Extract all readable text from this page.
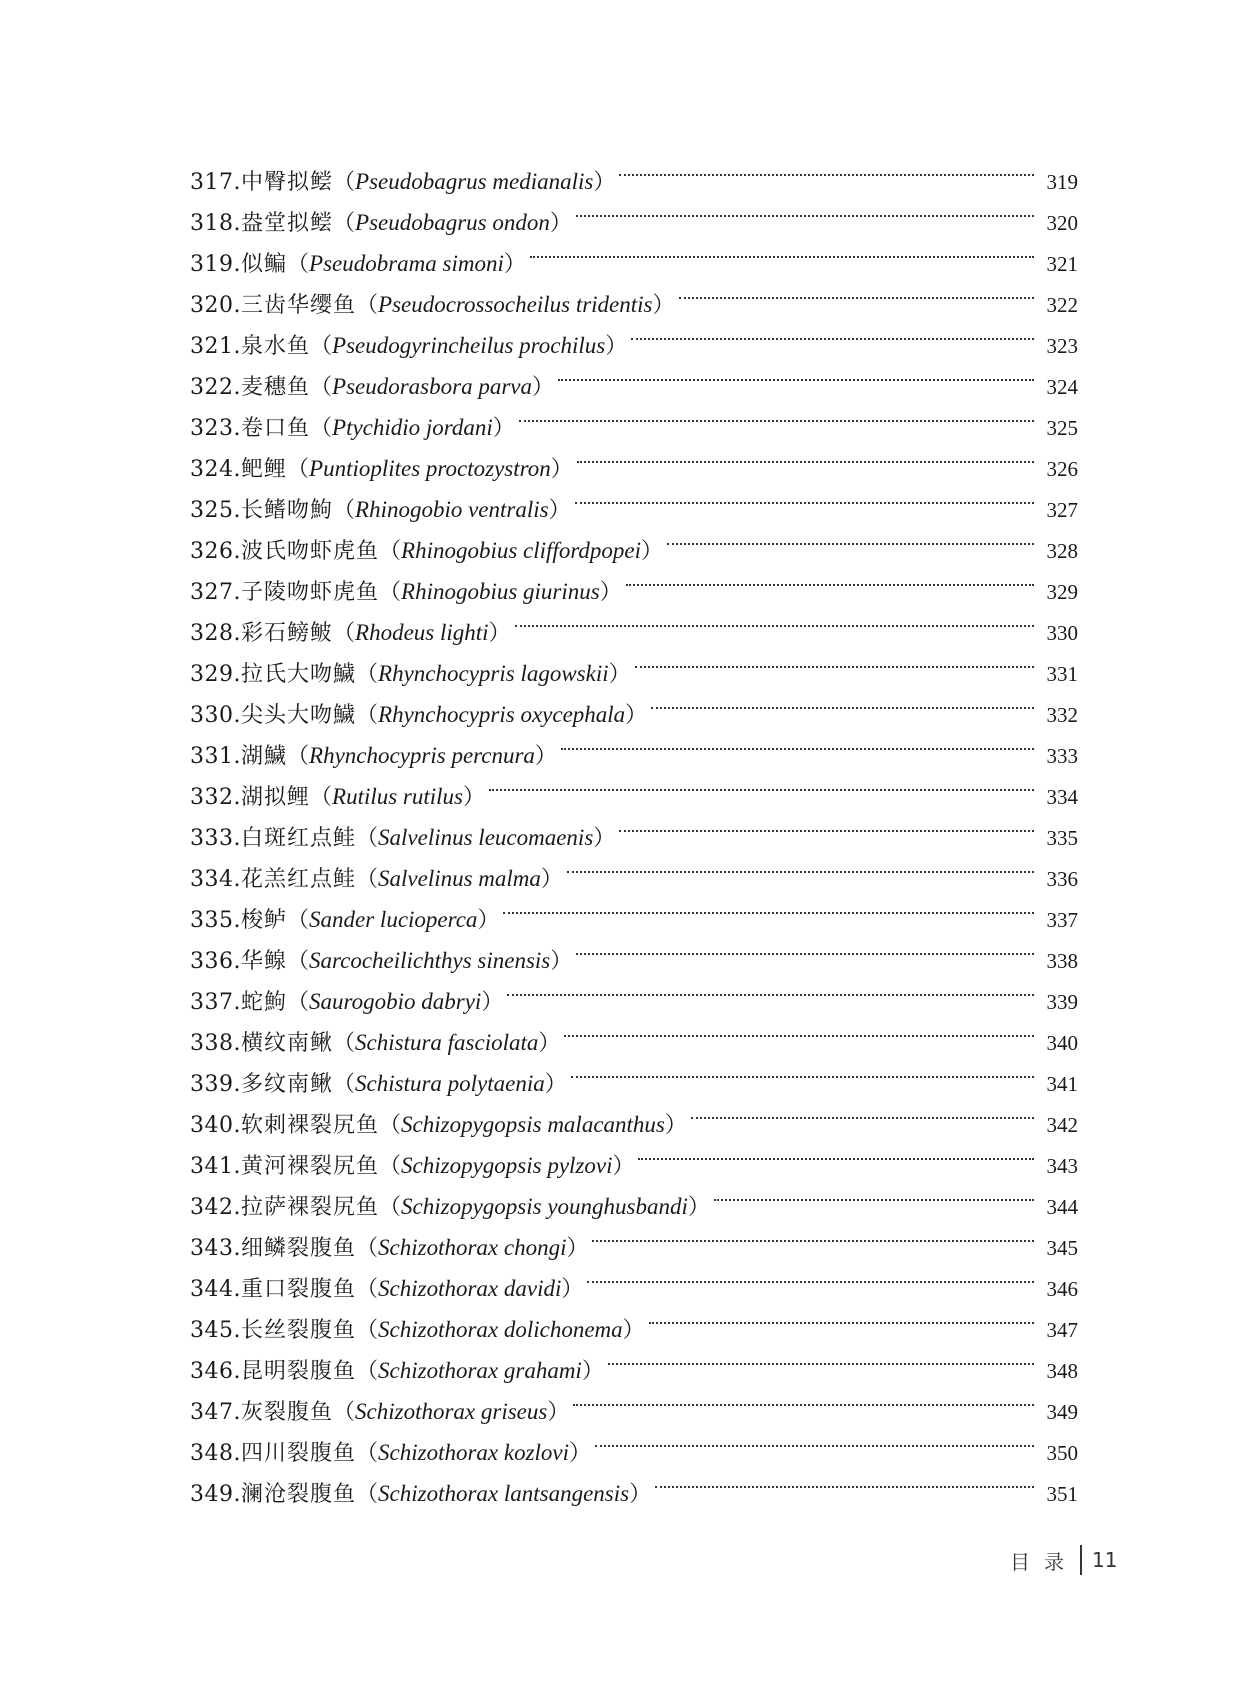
317. 中臀拟鲿 （ Pseudobagrus medianalis ）	319
318. 盎堂拟鲿 （ Pseudobagrus ondon ）	320
319. 似鳊 （ Pseudobrama simoni ）	321
320. 三齿华缨鱼 （ Pseudocrossocheilus tridentis ）	322
321. 泉水鱼 （ Pseudogyrincheilus prochilus ）	323
322. 麦穗鱼 （ Pseudorasbora parva ）	324
323. 卷口鱼 （ Ptychidio jordani ）	325
324. 鲃鲤 （ Puntioplites proctozystron ）	326
325. 长鳍吻鮈 （ Rhinogobio ventralis ）	327
326. 波氏吻虾虎鱼 （ Rhinogobius cliffordpopei ）	328
327. 子陵吻虾虎鱼 （ Rhinogobius giurinus ）	329
328. 彩石鳑鲏 （ Rhodeus lighti ）	330
329. 拉氏大吻鱥 （ Rhynchocypris lagowskii ）	331
330. 尖头大吻鱥 （ Rhynchocypris oxycephala ）	332
331. 湖鱥 （ Rhynchocypris percnura ）	333
332. 湖拟鲤 （ Rutilus rutilus ）	334
333. 白斑红点鲑 （ Salvelinus leucomaenis ）	335
334. 花羔红点鲑 （ Salvelinus malma ）	336
335. 梭鲈 （ Sander lucioperca ）	337
336. 华鳈 （ Sarcocheilichthys sinensis ）	338
337. 蛇鮈 （ Saurogobio dabryi ）	339
338. 横纹南鳅 （ Schistura fasciolata ）	340
339. 多纹南鳅 （ Schistura polytaenia ）	341
340. 软刺裸裂尻鱼 （ Schizopygopsis malacanthus ）	342
341. 黄河裸裂尻鱼 （ Schizopygopsis pylzovi ）	343
342. 拉萨裸裂尻鱼 （ Schizopygopsis younghusbandi ）	344
343. 细鳞裂腹鱼 （ Schizothorax chongi ）	345
344. 重口裂腹鱼 （ Schizothorax davidi ）	346
345. 长丝裂腹鱼 （ Schizothorax dolichonema ）	347
346. 昆明裂腹鱼 （ Schizothorax grahami ）	348
347. 灰裂腹鱼 （ Schizothorax griseus ）	349
348. 四川裂腹鱼 （ Schizothorax kozlovi ）	350
349. 澜沧裂腹鱼 （ Schizothorax lantsangensis ）	351
目录 11
